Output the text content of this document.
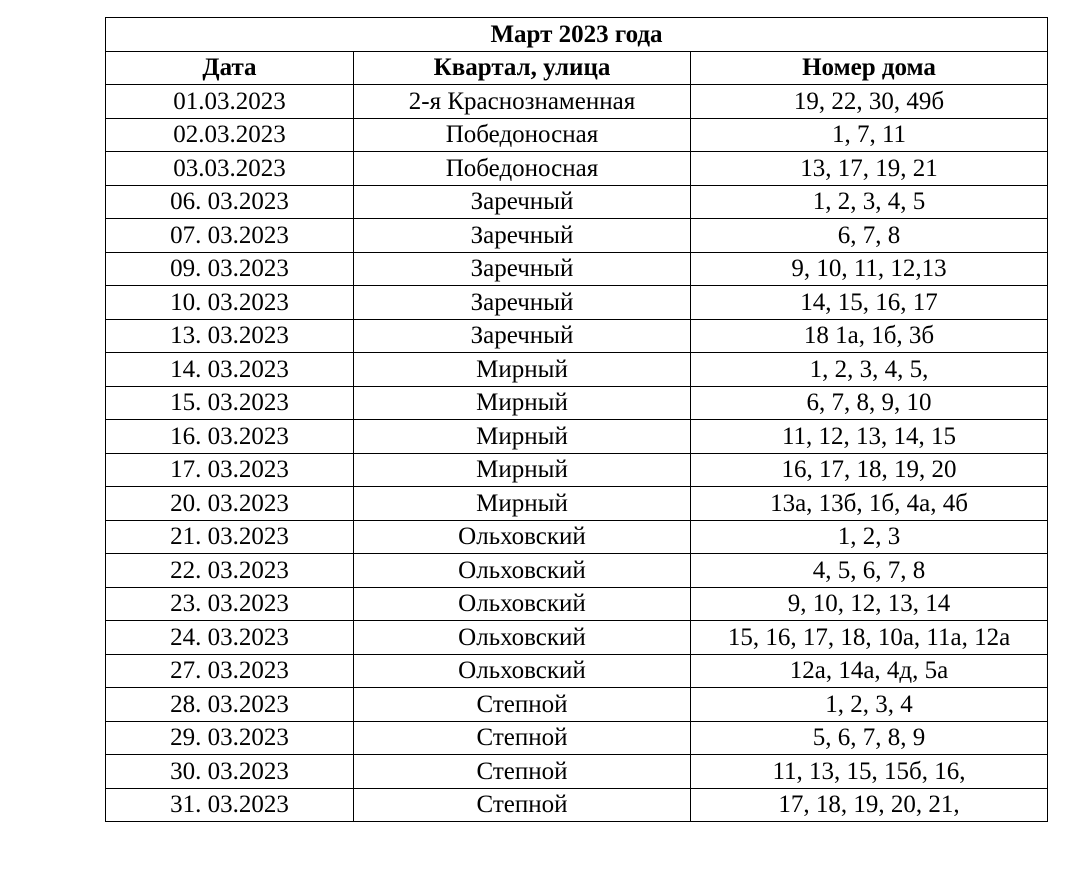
Март 2023 года		
Дата	Квартал, улица	Номер дома
01.03.2023	2-я Краснознаменная	19, 22, 30, 49б
02.03.2023	Победоносная	1, 7, 11
03.03.2023	Победоносная	13, 17, 19, 21
06. 03.2023	Заречный	1, 2, 3, 4, 5
07. 03.2023	Заречный	6, 7, 8
09. 03.2023	Заречный	9, 10, 11, 12,13
10. 03.2023	Заречный	14, 15, 16, 17
13. 03.2023	Заречный	18 1а, 1б, 3б
14. 03.2023	Мирный	1, 2, 3, 4, 5,
15. 03.2023	Мирный	6, 7, 8, 9, 10
16. 03.2023	Мирный	11, 12, 13, 14, 15
17. 03.2023	Мирный	16, 17, 18, 19, 20
20. 03.2023	Мирный	13а, 13б, 1б, 4а, 4б
21. 03.2023	Ольховский	1, 2, 3
22. 03.2023	Ольховский	4, 5, 6, 7, 8
23. 03.2023	Ольховский	9, 10, 12, 13, 14
24. 03.2023	Ольховский	15, 16, 17, 18, 10а, 11а, 12а
27. 03.2023	Ольховский	12а, 14а, 4д, 5а
28. 03.2023	Степной	1, 2, 3, 4
29. 03.2023	Степной	5, 6, 7, 8, 9
30. 03.2023	Степной	11, 13, 15, 15б, 16,
31. 03.2023	Степной	17, 18, 19, 20, 21,
